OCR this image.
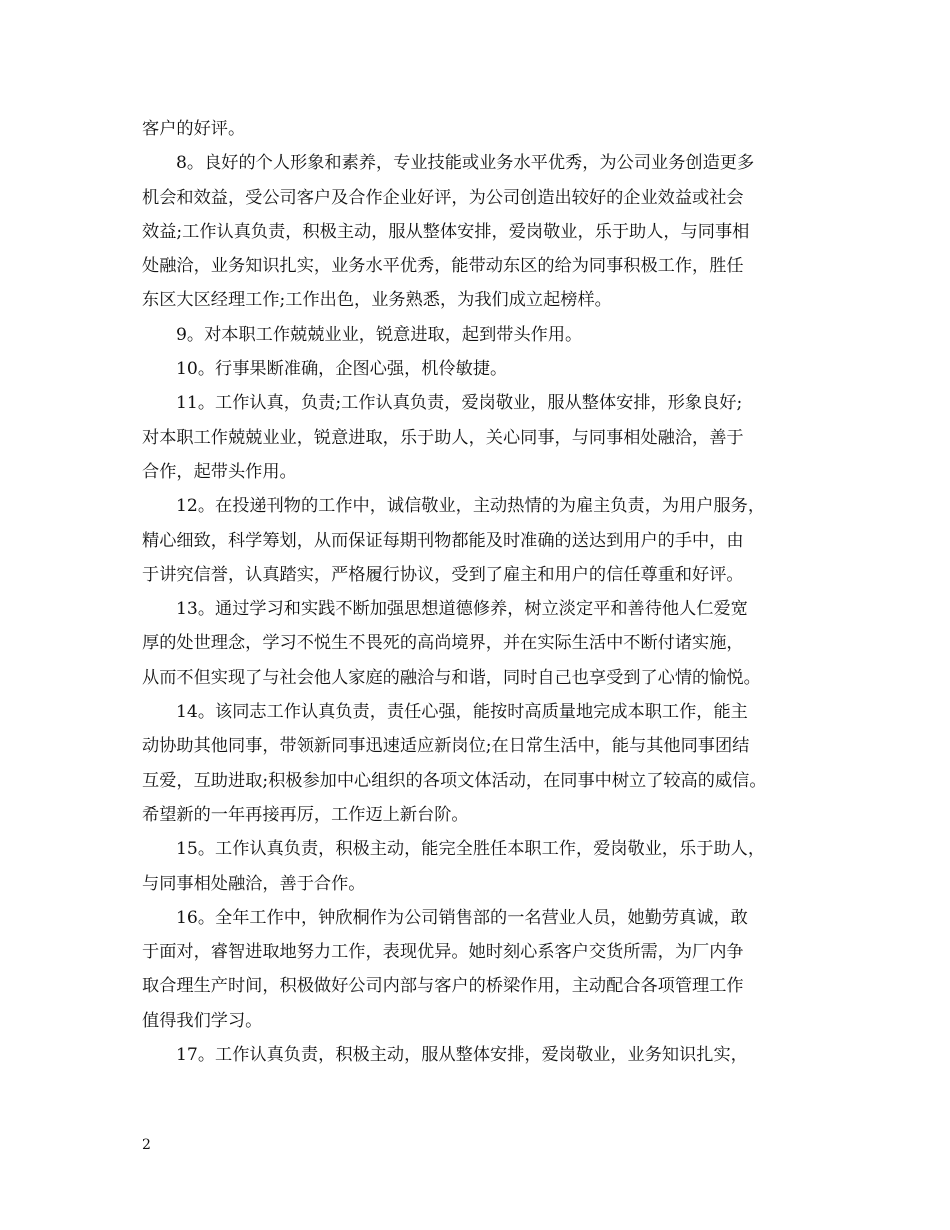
客户的好评。
8。良好的个人形象和素养，专业技能或业务水平优秀，为公司业务创造更多
机会和效益，受公司客户及合作企业好评，为公司创造出较好的企业效益或社会
效益;工作认真负责，积极主动，服从整体安排，爱岗敬业，乐于助人，与同事相
处融洽，业务知识扎实，业务水平优秀，能带动东区的给为同事积极工作，胜任
东区大区经理工作;工作出色，业务熟悉，为我们成立起榜样。
9。对本职工作兢兢业业，锐意进取，起到带头作用。
10。行事果断准确，企图心强，机伶敏捷。
11。工作认真，负责;工作认真负责，爱岗敬业，服从整体安排，形象良好;
对本职工作兢兢业业，锐意进取，乐于助人，关心同事，与同事相处融洽，善于
合作，起带头作用。
12。在投递刊物的工作中，诚信敬业，主动热情的为雇主负责，为用户服务，
精心细致，科学筹划，从而保证每期刊物都能及时准确的送达到用户的手中，由
于讲究信誉，认真踏实，严格履行协议，受到了雇主和用户的信任尊重和好评。
13。通过学习和实践不断加强思想道德修养，树立淡定平和善待他人仁爱宽
厚的处世理念，学习不悦生不畏死的高尚境界，并在实际生活中不断付诸实施，
从而不但实现了与社会他人家庭的融洽与和谐，同时自己也享受到了心情的愉悦。
14。该同志工作认真负责，责任心强，能按时高质量地完成本职工作，能主
动协助其他同事，带领新同事迅速适应新岗位;在日常生活中，能与其他同事团结
互爱，互助进取;积极参加中心组织的各项文体活动，在同事中树立了较高的威信。
希望新的一年再接再厉，工作迈上新台阶。
15。工作认真负责，积极主动，能完全胜任本职工作，爱岗敬业，乐于助人，
与同事相处融洽，善于合作。
16。全年工作中，钟欣桐作为公司销售部的一名营业人员，她勤劳真诚，敢
于面对，睿智进取地努力工作，表现优异。她时刻心系客户交货所需，为厂内争
取合理生产时间，积极做好公司内部与客户的桥梁作用，主动配合各项管理工作
值得我们学习。
17。工作认真负责，积极主动，服从整体安排，爱岗敬业，业务知识扎实，

2
